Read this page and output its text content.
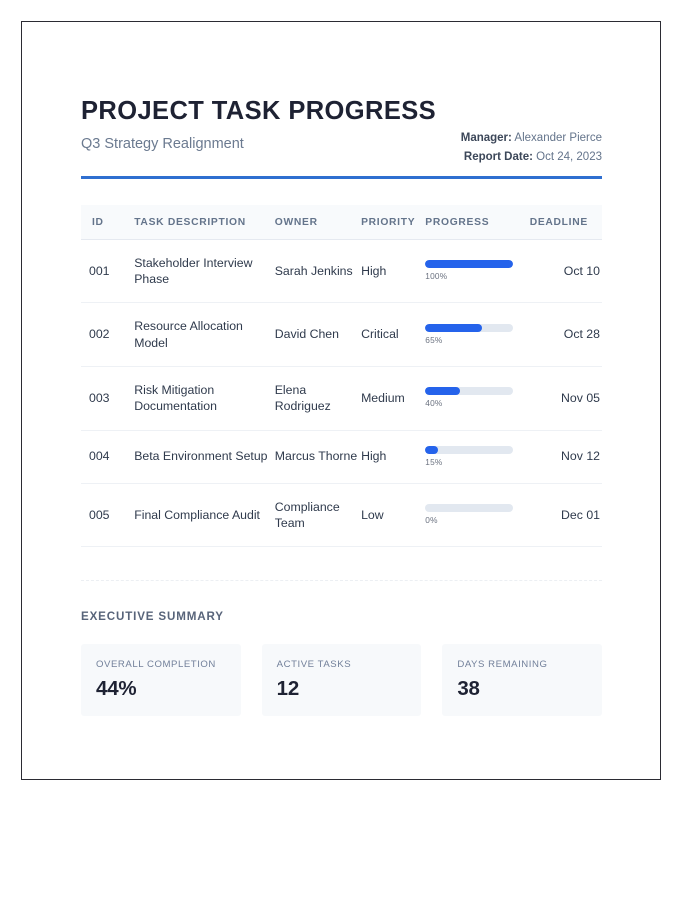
PROJECT TASK PROGRESS

Q3 Strategy Realignment	Manager: Alexander Pierce
Report Date: Oct 24, 2023
ID	TASK DESCRIPTION	OWNER	PRIORITY	PROGRESS	DEADLINE
001	Stakeholder Interview Phase	Sarah Jenkins	High	100%	Oct 10
002	Resource Allocation Model	David Chen	Critical	65%	Oct 28
003	Risk Mitigation Documentation	Elena Rodriguez	Medium	40%	Nov 05
004	Beta Environment Setup	Marcus Thorne	High	15%	Nov 12
005	Final Compliance Audit	Compliance Team	Low	0%	Dec 01
EXECUTIVE SUMMARY
OVERALL COMPLETION
44%
ACTIVE TASKS
12
DAYS REMAINING
38
